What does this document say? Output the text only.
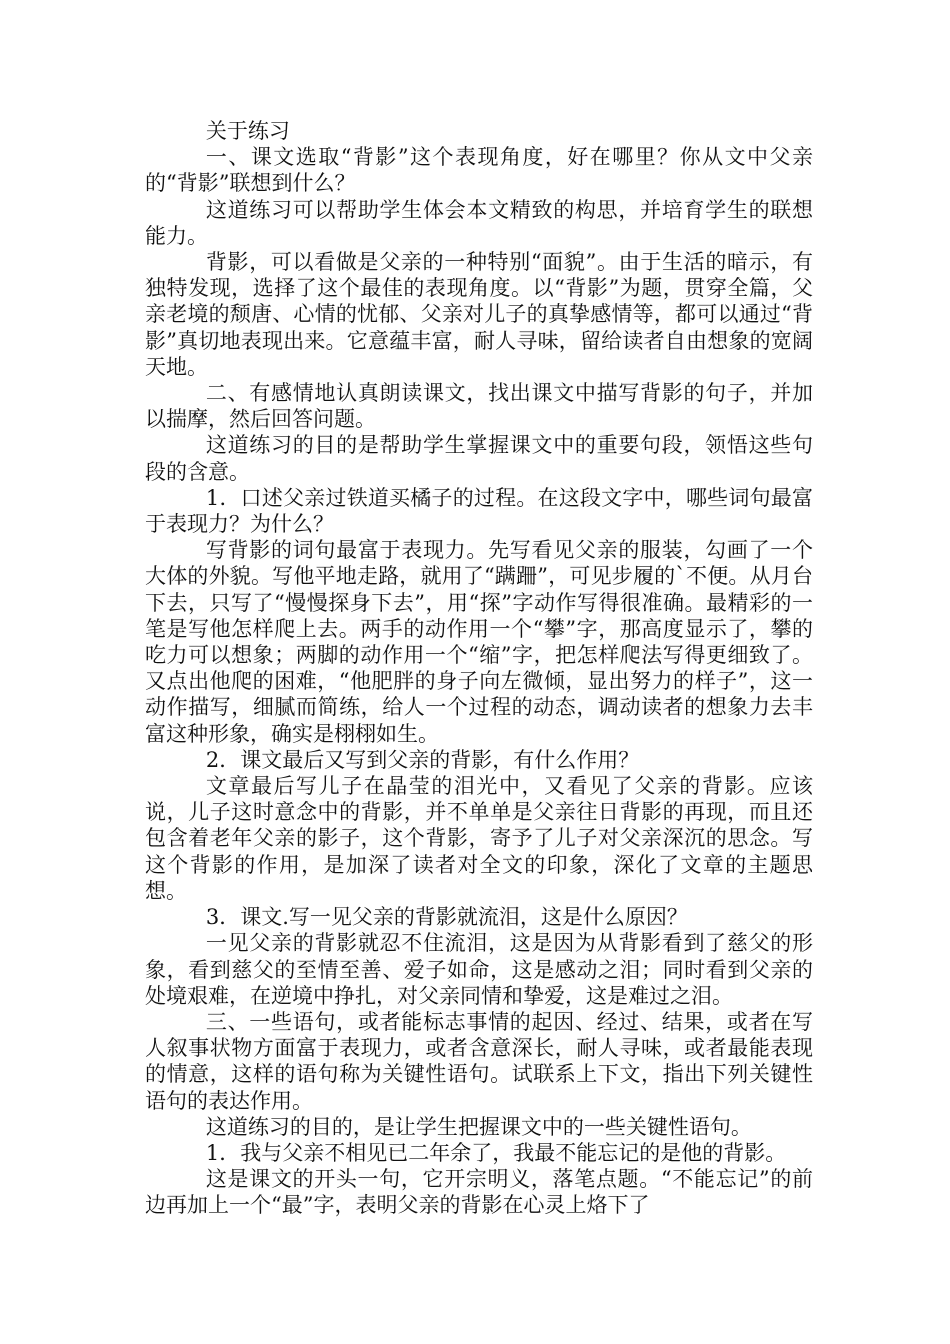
关于练习

一、课文选取“背影”这个表现角度，好在哪里？你从文中父亲的“背影”联想到什么？

这道练习可以帮助学生体会本文精致的构思，并培育学生的联想能力。

背影，可以看做是父亲的一种特别“面貌”。由于生活的暗示，有独特发现，选择了这个最佳的表现角度。以“背影”为题，贯穿全篇，父亲老境的颓唐、心情的忧郁、父亲对儿子的真挚感情等，都可以通过“背影”真切地表现出来。它意蕴丰富，耐人寻味，留给读者自由想象的宽阔天地。

二、有感情地认真朗读课文，找出课文中描写背影的句子，并加以揣摩，然后回答问题。

这道练习的目的是帮助学生掌握课文中的重要句段，领悟这些句段的含意。

1．口述父亲过铁道买橘子的过程。在这段文字中，哪些词句最富于表现力？为什么？

写背影的词句最富于表现力。先写看见父亲的服装，勾画了一个大体的外貌。写他平地走路，就用了“蹒跚”，可见步履的`不便。从月台下去，只写了“慢慢探身下去”，用“探”字动作写得很准确。最精彩的一笔是写他怎样爬上去。两手的动作用一个“攀”字，那高度显示了，攀的吃力可以想象；两脚的动作用一个“缩”字，把怎样爬法写得更细致了。又点出他爬的困难，“他肥胖的身子向左微倾，显出努力的样子”，这一动作描写，细腻而简练，给人一个过程的动态，调动读者的想象力去丰富这种形象，确实是栩栩如生。

2．课文最后又写到父亲的背影，有什么作用？

文章最后写儿子在晶莹的泪光中，又看见了父亲的背影。应该说，儿子这时意念中的背影，并不单单是父亲往日背影的再现，而且还包含着老年父亲的影子，这个背影，寄予了儿子对父亲深沉的思念。写这个背影的作用，是加深了读者对全文的印象，深化了文章的主题思想。

3．课文.写一见父亲的背影就流泪，这是什么原因？

一见父亲的背影就忍不住流泪，这是因为从背影看到了慈父的形象，看到慈父的至情至善、爱子如命，这是感动之泪；同时看到父亲的处境艰难，在逆境中挣扎，对父亲同情和挚爱，这是难过之泪。

三、一些语句，或者能标志事情的起因、经过、结果，或者在写人叙事状物方面富于表现力，或者含意深长，耐人寻味，或者最能表现的情意，这样的语句称为关键性语句。试联系上下文，指出下列关键性语句的表达作用。

这道练习的目的，是让学生把握课文中的一些关键性语句。

1．我与父亲不相见已二年余了，我最不能忘记的是他的背影。

这是课文的开头一句，它开宗明义，落笔点题。“不能忘记”的前边再加上一个“最”字，表明父亲的背影在心灵上烙下了
